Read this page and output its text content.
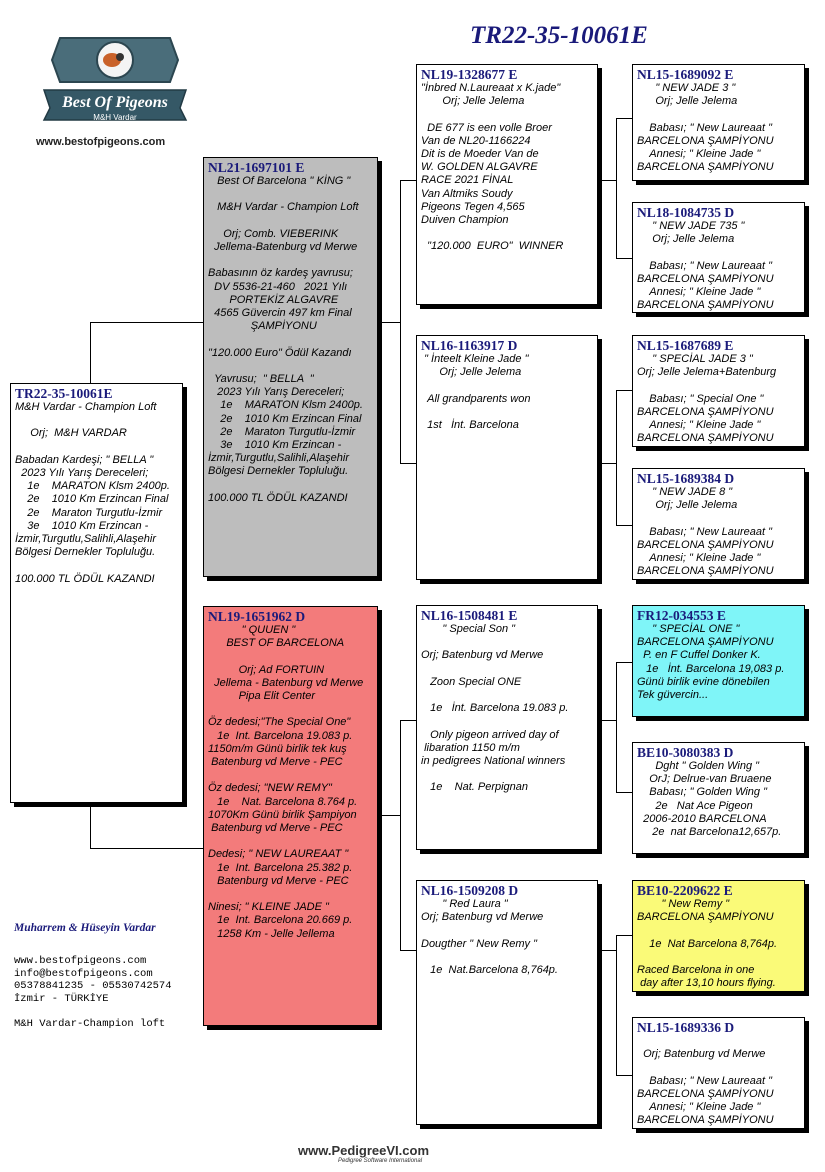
TR22-35-10061E
Best Of Pigeons
M&H Vardar
www.bestofpigeons.com
TR22-35-10061E
M&H Vardar - Champion Loft

Orj;  M&H VARDAR

Babadan Kardeşi; " BELLA "
2023 Yılı Yarış Dereceleri;
1e    MARATON Klsm 2400p.
2e    1010 Km Erzincan Final
2e    Maraton Turgutlu-İzmir
3e    1010 Km Erzincan -
İzmir,Turgutlu,Salihli,Alaşehir
Bölgesi Dernekler Topluluğu.

100.000 TL ÖDÜL KAZANDI
NL21-1697101 E
Best Of Barcelona " KİNG "

M&H Vardar - Champion Loft

Orj; Comb. VIEBERINK
Jellema-Batenburg vd Merwe

Babasının öz kardeş yavrusu;
DV 5536-21-460   2021 Yılı
PORTEKİZ ALGAVRE
4565 Güvercin 497 km Final
ŞAMPİYONU

"120.000 Euro" Ödül Kazandı

Yavrusu;  " BELLA  "
2023 Yılı Yarış Dereceleri;
1e    MARATON Klsm 2400p.
2e    1010 Km Erzincan Final
2e    Maraton Turgutlu-İzmir
3e    1010 Km Erzincan -
İzmir,Turgutlu,Salihli,Alaşehir
Bölgesi Dernekler Topluluğu.

100.000 TL ÖDÜL KAZANDI
NL19-1651962 D
" QUUEN "
BEST OF BARCELONA

Orj; Ad FORTUIN
Jellema - Batenburg vd Merwe
Pipa Elit Center

Öz dedesi;"The Special One"
1e  Int. Barcelona 19.083 p.
1150m/m Günü birlik tek kuş
Batenburg vd Merve - PEC

Öz dedesi; "NEW REMY"
1e    Nat. Barcelona 8.764 p.
1070Km Günü birlik Şampiyon
Batenburg vd Merve - PEC

Dedesi; " NEW LAUREAAT "
1e  Int. Barcelona 25.382 p.
Batenburg vd Merve - PEC

Ninesi; " KLEINE JADE "
1e  Int. Barcelona 20.669 p.
1258 Km - Jelle Jellema
NL19-1328677 E
"İnbred N.Laureaat x K.jade"
Orj; Jelle Jelema

DE 677 is een volle Broer
Van de NL20-1166224
Dit is de Moeder Van de
W. GOLDEN ALGAVRE
RACE 2021 FİNAL
Van Altmiks Soudy
Pigeons Tegen 4,565
Duiven Champion

"120.000  EURO"  WINNER
NL16-1163917 D
" İnteelt Kleine Jade "
Orj; Jelle Jelema

All grandparents won

1st   İnt. Barcelona
NL16-1508481 E
" Special Son "

Orj; Batenburg vd Merwe

Zoon Special ONE

1e   İnt. Barcelona 19.083 p.

Only pigeon arrived day of
libaration 1150 m/m
in pedigrees National winners

1e    Nat. Perpignan
NL16-1509208 D
" Red Laura "
Orj; Batenburg vd Merwe

Dougther " New Remy "

1e  Nat.Barcelona 8,764p.
NL15-1689092 E
" NEW JADE 3 "
Orj; Jelle Jelema

Babası; " New Laureaat "
BARCELONA ŞAMPİYONU
Annesi; " Kleine Jade "
BARCELONA ŞAMPİYONU
NL18-1084735 D
" NEW JADE 735 "
Orj; Jelle Jelema

Babası; " New Laureaat "
BARCELONA ŞAMPİYONU
Annesi; " Kleine Jade "
BARCELONA ŞAMPİYONU
NL15-1687689 E
" SPECİAL JADE 3 "
Orj; Jelle Jelema+Batenburg

Babası; " Special One "
BARCELONA ŞAMPİYONU
Annesi; " Kleine Jade "
BARCELONA ŞAMPİYONU
NL15-1689384 D
" NEW JADE 8 "
Orj; Jelle Jelema

Babası; " New Laureaat "
BARCELONA ŞAMPİYONU
Annesi; " Kleine Jade "
BARCELONA ŞAMPİYONU
FR12-034553 E
" SPECİAL ONE "
BARCELONA ŞAMPİYONU
P. en F Cuffel Donker K.
1e   İnt. Barcelona 19,083 p.
Günü birlik evine dönebilen
Tek güvercin...
BE10-3080383 D
Dght " Golden Wing "
OrJ; Delrue-van Bruaene
Babası; " Golden Wing "
2e   Nat Ace Pigeon
2006-2010 BARCELONA
2e  nat Barcelona12,657p.
BE10-2209622 E
" New Remy "
BARCELONA ŞAMPİYONU

1e  Nat Barcelona 8,764p.

Raced Barcelona in one
day after 13,10 hours flying.
NL15-1689336 D

Orj; Batenburg vd Merwe

Babası; " New Laureaat "
BARCELONA ŞAMPİYONU
Annesi; " Kleine Jade "
BARCELONA ŞAMPİYONU
Muharrem & Hüseyin Vardar
www.bestofpigeons.com
info@bestofpigeons.com
05378841235 - 05530742574
İzmir - TÜRKİYE

M&H Vardar-Champion loft
www.PedigreeVI.com
Pedigree Software International
